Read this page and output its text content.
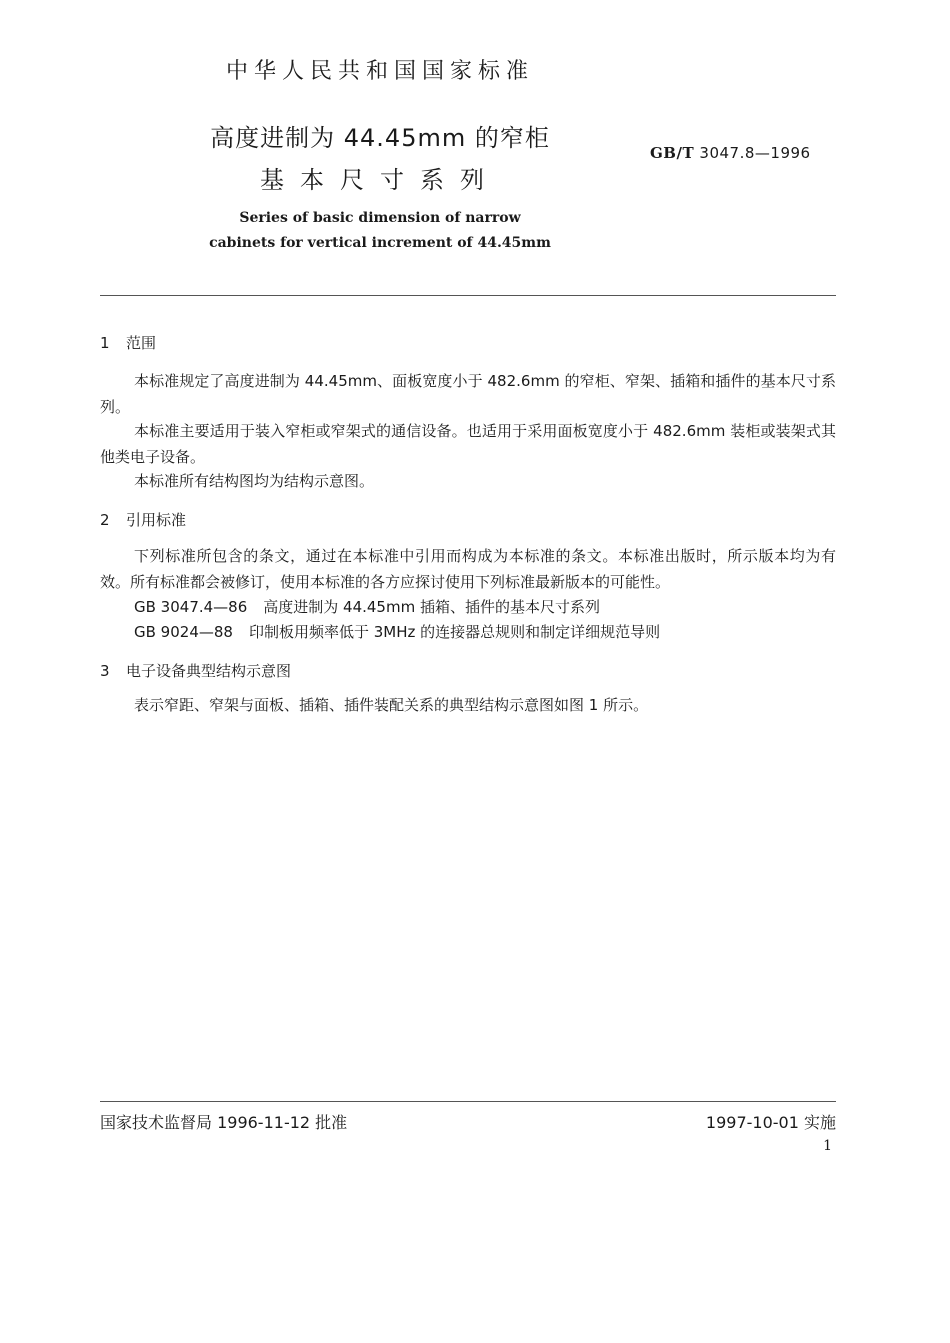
中华人民共和国国家标准
高度进制为 44.45mm 的窄柜
基本尺寸系列
GB/T 3047.8—1996
Series of basic dimension of narrow
cabinets for vertical increment of 44.45mm
1 范围
本标准规定了高度进制为 44.45mm、面板宽度小于 482.6mm 的窄柜、窄架、插箱和插件的基本尺寸系列。
本标准主要适用于装入窄柜或窄架式的通信设备。也适用于采用面板宽度小于 482.6mm 装柜或装架式其他类电子设备。
本标准所有结构图均为结构示意图。
2 引用标准
下列标准所包含的条文，通过在本标准中引用而构成为本标准的条文。本标准出版时，所示版本均为有效。所有标准都会被修订，使用本标准的各方应探讨使用下列标准最新版本的可能性。
GB 3047.4—86 高度进制为 44.45mm 插箱、插件的基本尺寸系列
GB 9024—88 印制板用频率低于 3MHz 的连接器总规则和制定详细规范导则
3 电子设备典型结构示意图
表示窄距、窄架与面板、插箱、插件装配关系的典型结构示意图如图 1 所示。
国家技术监督局 1996-11-12 批准	1997-10-01 实施
1
